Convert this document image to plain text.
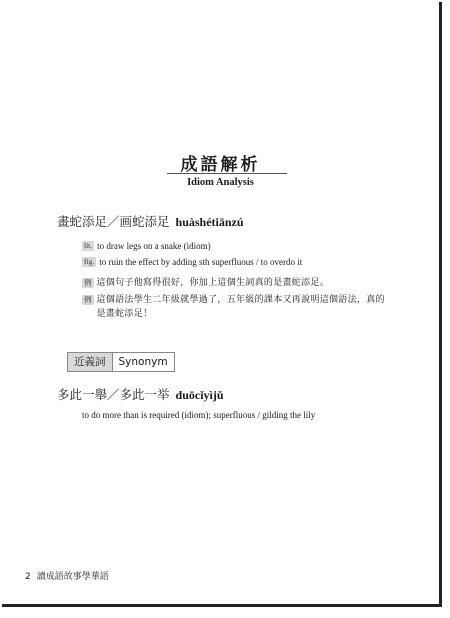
成語解析
Idiom Analysis
畫蛇添足／画蛇添足 huàshétiānzú
lit. to draw legs on a snake (idiom)
fig. to ruin the effect by adding sth superfluous / to overdo it
例 這個句子他寫得很好，你加上這個生詞真的是畫蛇添足。
例 這個語法學生二年級就學過了，五年級的課本又再說明這個語法，真的是畫蛇添足！
近義詞	Synonym
多此一舉／多此一举 duōcǐyìjǔ
to do more than is required (idiom); superfluous / gilding the lily
2 讀成語故事學華語
